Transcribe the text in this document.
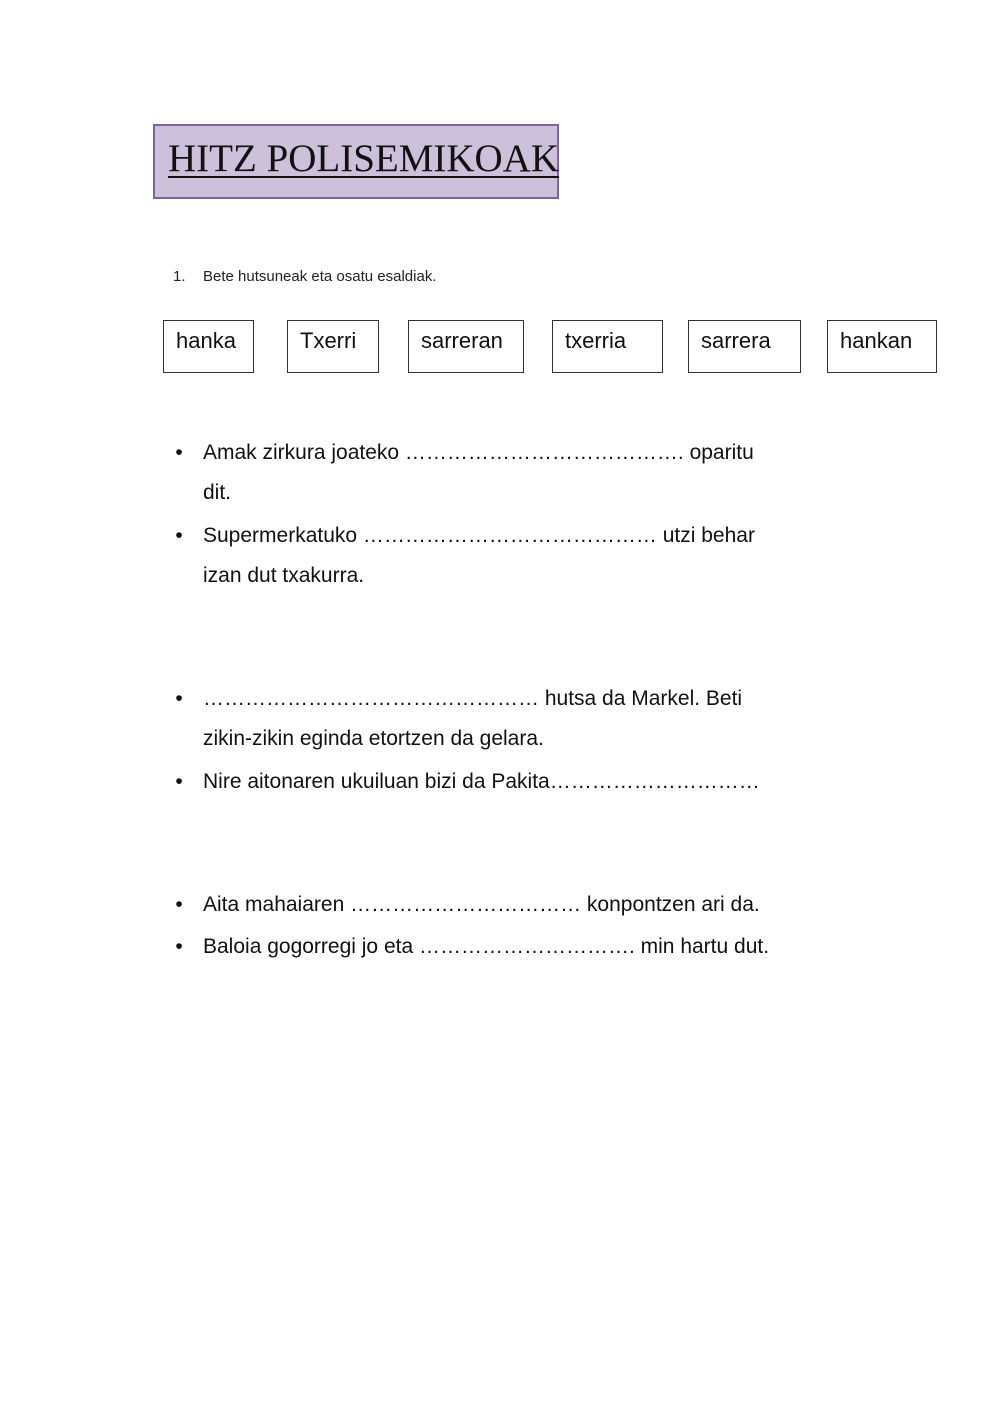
HITZ POLISEMIKOAK
1. Bete hutsuneak eta osatu esaldiak.
hanka	Txerri	sarreran	txerria	sarrera	hankan
• Amak zirkura joateko …………………………………. oparitu
dit.
• Supermerkatuko …………………………………… utzi behar
izan dut txakurra.
• ………………………………………… hutsa da Markel. Beti
zikin-zikin eginda etortzen da gelara.
• Nire aitonaren ukuiluan bizi da Pakita…………………………
• Aita mahaiaren …………………………… konpontzen ari da.
• Baloia gogorregi jo eta …………………………. min hartu dut.
